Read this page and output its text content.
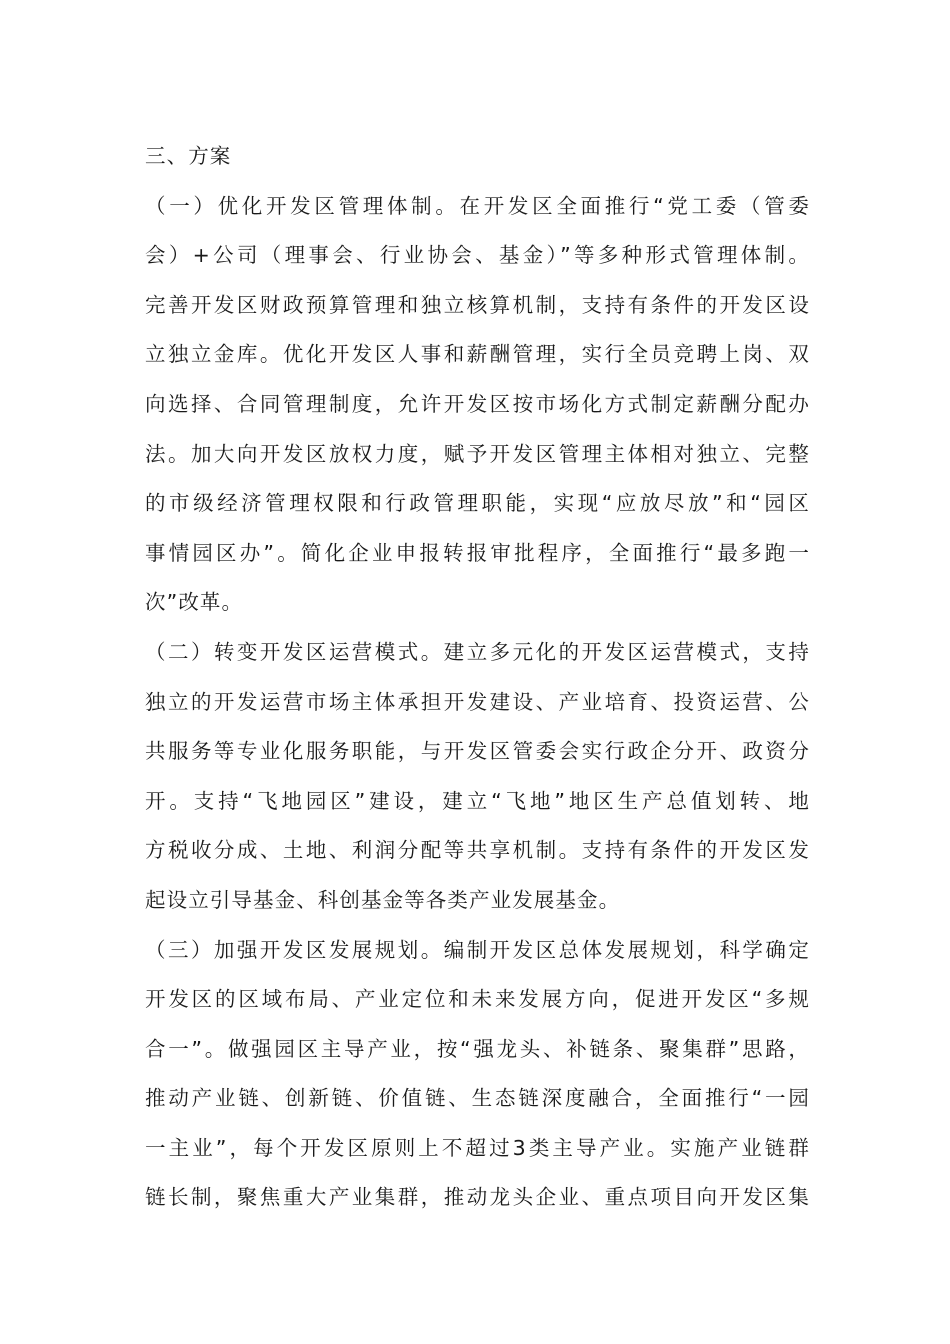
三、方案
（一）优化开发区管理体制。在开发区全面推行“党工委（管委
会）+公司（理事会、行业协会、基金）”等多种形式管理体制。
完善开发区财政预算管理和独立核算机制，支持有条件的开发区设
立独立金库。优化开发区人事和薪酬管理，实行全员竞聘上岗、双
向选择、合同管理制度，允许开发区按市场化方式制定薪酬分配办
法。加大向开发区放权力度，赋予开发区管理主体相对独立、完整
的市级经济管理权限和行政管理职能，实现“应放尽放”和“园区
事情园区办”。简化企业申报转报审批程序，全面推行“最多跑一
次”改革。
（二）转变开发区运营模式。建立多元化的开发区运营模式，支持
独立的开发运营市场主体承担开发建设、产业培育、投资运营、公
共服务等专业化服务职能，与开发区管委会实行政企分开、政资分
开。支持“飞地园区”建设，建立“飞地”地区生产总值划转、地
方税收分成、土地、利润分配等共享机制。支持有条件的开发区发
起设立引导基金、科创基金等各类产业发展基金。
（三）加强开发区发展规划。编制开发区总体发展规划，科学确定
开发区的区域布局、产业定位和未来发展方向，促进开发区“多规
合一”。做强园区主导产业，按“强龙头、补链条、聚集群”思路，
推动产业链、创新链、价值链、生态链深度融合，全面推行“一园
一主业”，每个开发区原则上不超过3类主导产业。实施产业链群
链长制，聚焦重大产业集群，推动龙头企业、重点项目向开发区集
